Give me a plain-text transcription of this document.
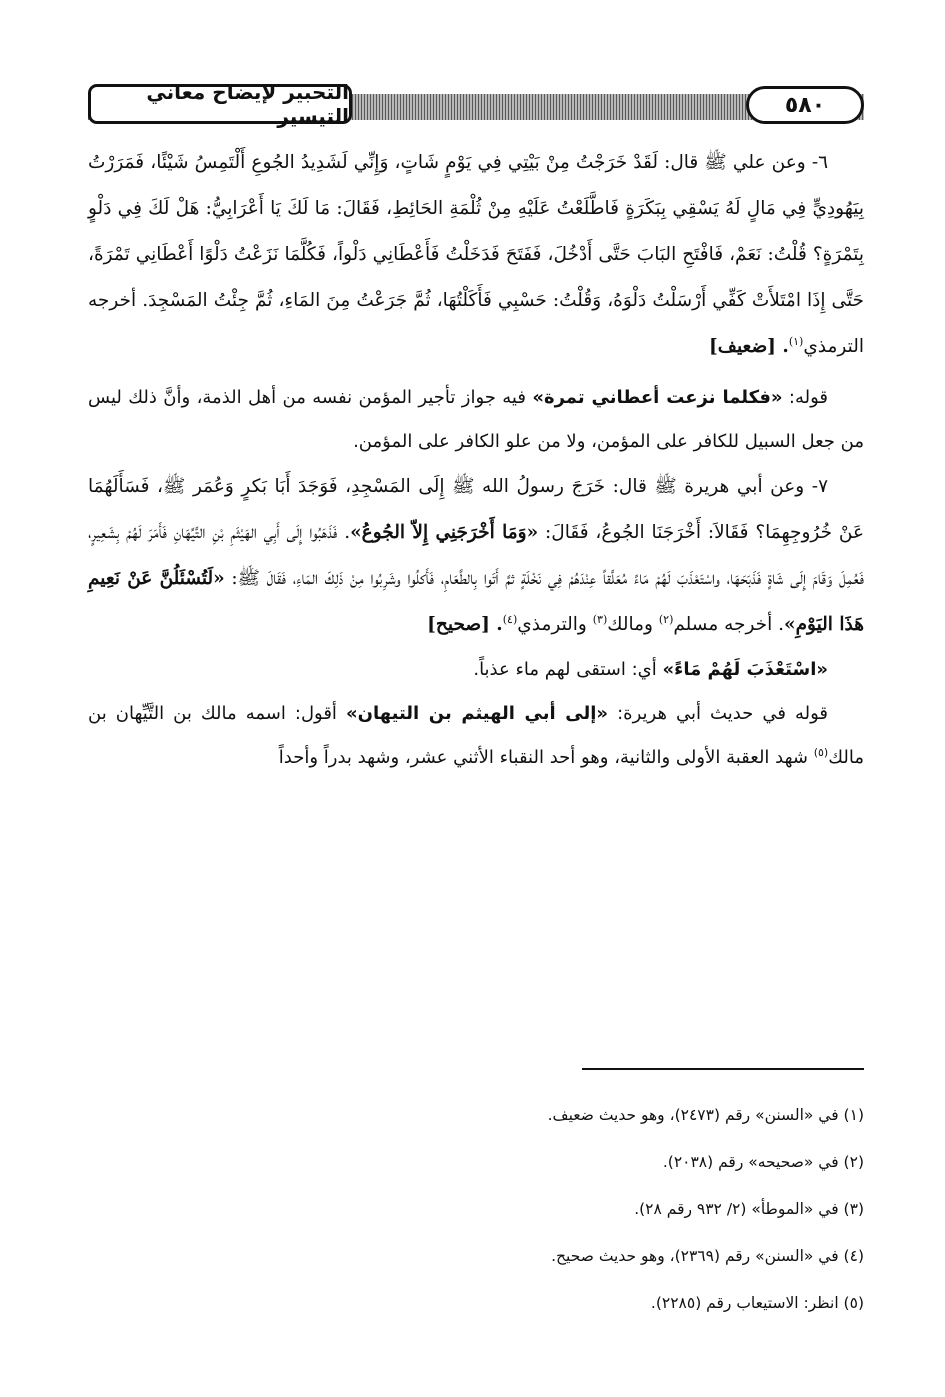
التحبير لإيضاح معاني التيسير	٥٨٠

٦- وعن علي ﷺ قال: لَقَدْ خَرَجْتُ مِنْ بَيْتِي فِي يَوْمٍ شَاتٍ، وَإِنِّي لَشَدِيدُ الجُوعِ أَلْتَمِسُ شَيْئًا، فَمَرَرْتُ بِيَهُودِيٍّ فِي مَالٍ لَهُ يَسْقِي بِبَكَرَةٍ فَاطَّلَعْتُ عَلَيْهِ مِنْ ثُلْمَةِ الحَائِطِ، فَقَالَ: مَا لَكَ يَا أَعْرَابِيُّ: هَلْ لَكَ فِي دَلْوٍ بِتَمْرَةٍ؟ قُلْتُ: نَعَمْ، فَافْتَحِ البَابَ حَتَّى أَدْخُلَ، فَفَتَحَ فَدَخَلْتُ فَأَعْطَانِي دَلْواً، فَكُلَّمَا نَزَعْتُ دَلْوًا أَعْطَانِي تَمْرَةً، حَتَّى إِذَا امْتَلأَتْ كَفِّي أَرْسَلْتُ دَلْوَهُ، وَقُلْتُ: حَسْبِي فَأَكَلْتُهَا، ثُمَّ جَرَعْتُ مِنَ المَاءِ، ثُمَّ جِئْتُ المَسْجِدَ. أخرجه الترمذي$^{(١)}$. [ضعيف]

قوله: «فكلما نزعت أعطاني تمرة» فيه جواز تأجير المؤمن نفسه من أهل الذمة، وأنَّ ذلك ليس من جعل السبيل للكافر على المؤمن، ولا من علو الكافر على المؤمن.

٧- وعن أبي هريرة ﷺ قال: خَرَجَ رسولُ الله ﷺ إِلَى المَسْجِدِ، فَوَجَدَ أَبَا بَكرٍ وَعُمَر ﷺ، فَسَأَلَهُمَا عَنْ خُرُوجِهِمَا؟ فَقَالاَ: أَخْرَجَنَا الجُوعُ، فَقَالَ: «وَمَا أَخْرَجَنِي إِلاّ الجُوعُ». فَذَهَبُوا إِلَى أَبِي الهَيْثَمِ بْنِ التَّيِّهَانِ فَأَمَرَ لَهُمْ بِشَعِيرٍ، فَعُمِلَ وَقَامَ إِلَى شَاةٍ فَذَبَحَهَا، واسْتَعْذَبَ لَهُمْ مَاءً مُعَلَّقاً عِنْدَهُمْ فِي نَخْلَةٍ ثمَّ أَتَوا بِالطَّعَامِ، فَأَكلُوا وشَرِبُوا مِنْ ذَلِكَ المَاءِ، فَقَالَ ﷺ: «لَتُسْئَلُنَّ عَنْ نَعِيمِ هَذَا اليَوْمِ». أخرجه مسلم$^{(٢)}$ ومالك$^{(٣)}$ والترمذي$^{(٤)}$. [صحيح]

«اسْتَعْذَبَ لَهُمْ مَاءً» أي: استقى لهم ماء عذباً.

قوله في حديث أبي هريرة: «إلى أبي الهيثم بن التيهان» أقول: اسمه مالك بن التَّيِّهان بن مالك$^{(٥)}$ شهد العقبة الأولى والثانية، وهو أحد النقباء الأثني عشر، وشهد بدراً وأحداً

(١) في «السنن» رقم (٢٤٧٣)، وهو حديث ضعيف.
(٢) في «صحيحه» رقم (٢٠٣٨).
(٣) في «الموطأ» (٢/ ٩٣٢ رقم ٢٨).
(٤) في «السنن» رقم (٢٣٦٩)، وهو حديث صحيح.
(٥) انظر: الاستيعاب رقم (٢٢٨٥).
